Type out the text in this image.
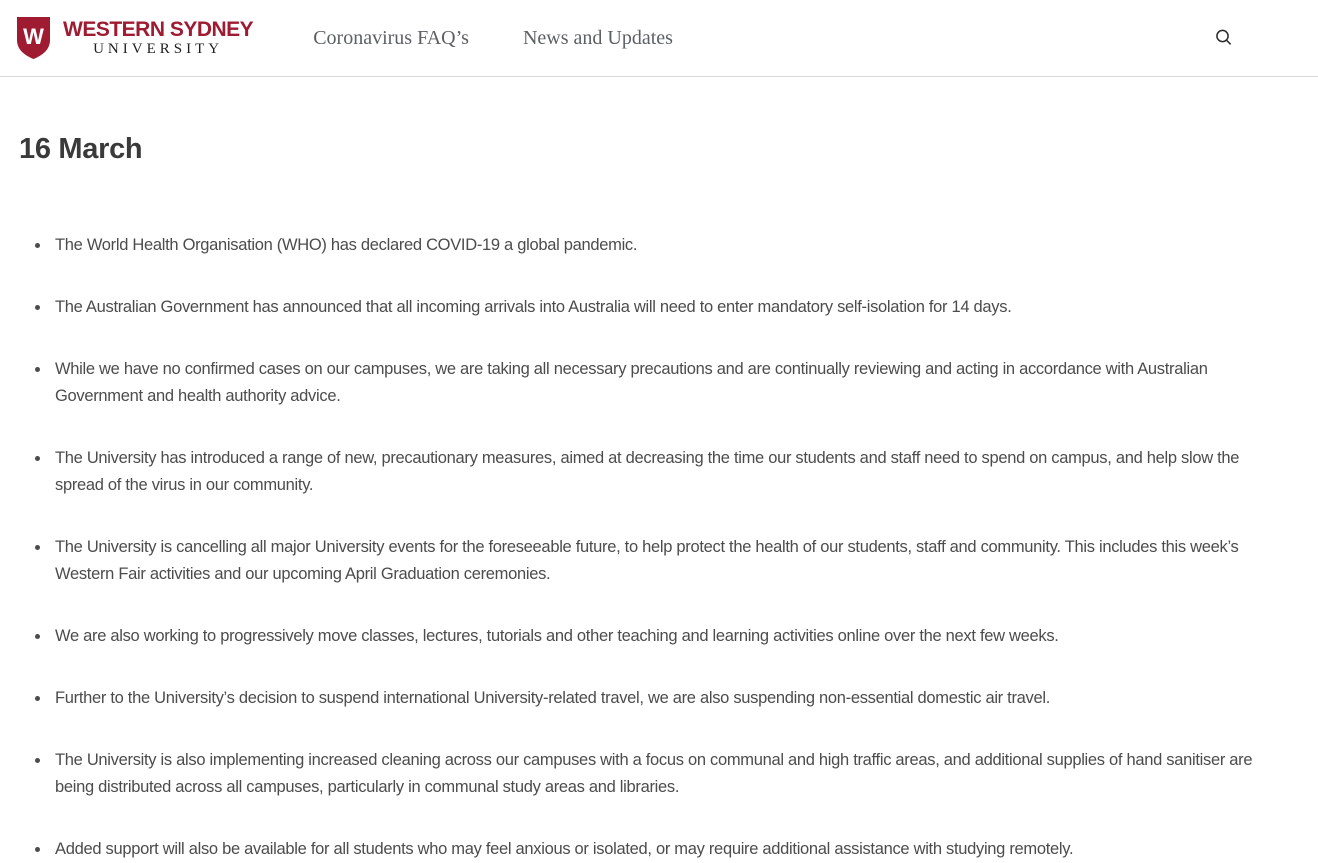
W WESTERN SYDNEY
UNIVERSITY
Coronavirus FAQ’s	News and Updates
16 March
The World Health Organisation (WHO) has declared COVID-19 a global pandemic.
The Australian Government has announced that all incoming arrivals into Australia will need to enter mandatory self-isolation for 14 days.
While we have no confirmed cases on our campuses, we are taking all necessary precautions and are continually reviewing and acting in accordance with Australian Government and health authority advice.
The University has introduced a range of new, precautionary measures, aimed at decreasing the time our students and staff need to spend on campus, and help slow the spread of the virus in our community.
The University is cancelling all major University events for the foreseeable future, to help protect the health of our students, staff and community. This includes this week’s Western Fair activities and our upcoming April Graduation ceremonies.
We are also working to progressively move classes, lectures, tutorials and other teaching and learning activities online over the next few weeks.
Further to the University’s decision to suspend international University-related travel, we are also suspending non-essential domestic air travel.
The University is also implementing increased cleaning across our campuses with a focus on communal and high traffic areas, and additional supplies of hand sanitiser are being distributed across all campuses, particularly in communal study areas and libraries.
Added support will also be available for all students who may feel anxious or isolated, or may require additional assistance with studying remotely.
